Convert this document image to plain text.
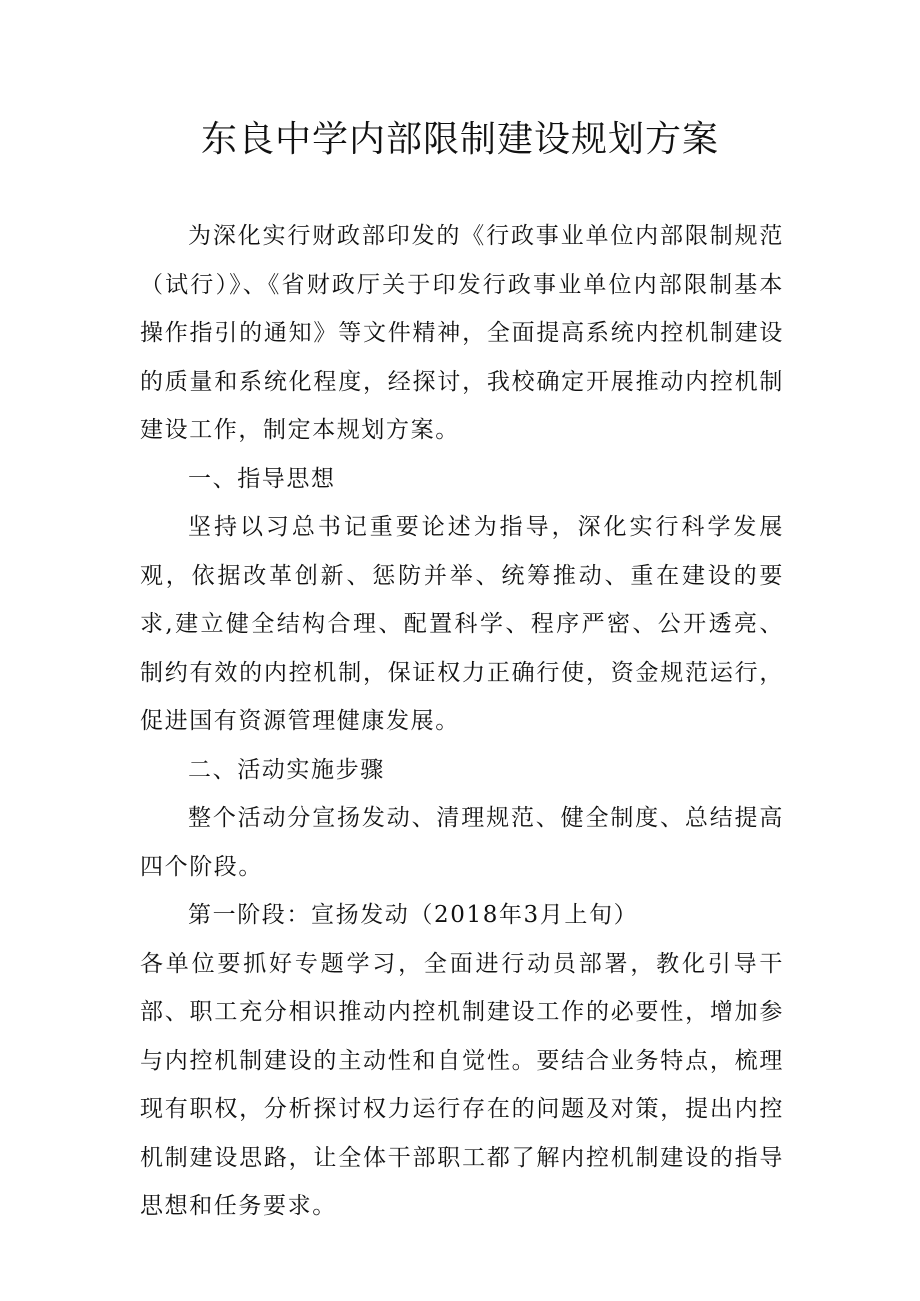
东良中学内部限制建设规划方案

为深化实行财政部印发的《行政事业单位内部限制规范（试行）》、《省财政厅关于印发行政事业单位内部限制基本操作指引的通知》等文件精神，全面提高系统内控机制建设的质量和系统化程度，经探讨，我校确定开展推动内控机制建设工作，制定本规划方案。

一、指导思想

坚持以习总书记重要论述为指导，深化实行科学发展观，依据改革创新、惩防并举、统筹推动、重在建设的要求,建立健全结构合理、配置科学、程序严密、公开透亮、制约有效的内控机制，保证权力正确行使，资金规范运行，促进国有资源管理健康发展。

二、活动实施步骤

整个活动分宣扬发动、清理规范、健全制度、总结提高四个阶段。

第一阶段：宣扬发动（2018年3月上旬）

各单位要抓好专题学习，全面进行动员部署，教化引导干部、职工充分相识推动内控机制建设工作的必要性，增加参与内控机制建设的主动性和自觉性。要结合业务特点，梳理现有职权，分析探讨权力运行存在的问题及对策，提出内控机制建设思路，让全体干部职工都了解内控机制建设的指导思想和任务要求。
